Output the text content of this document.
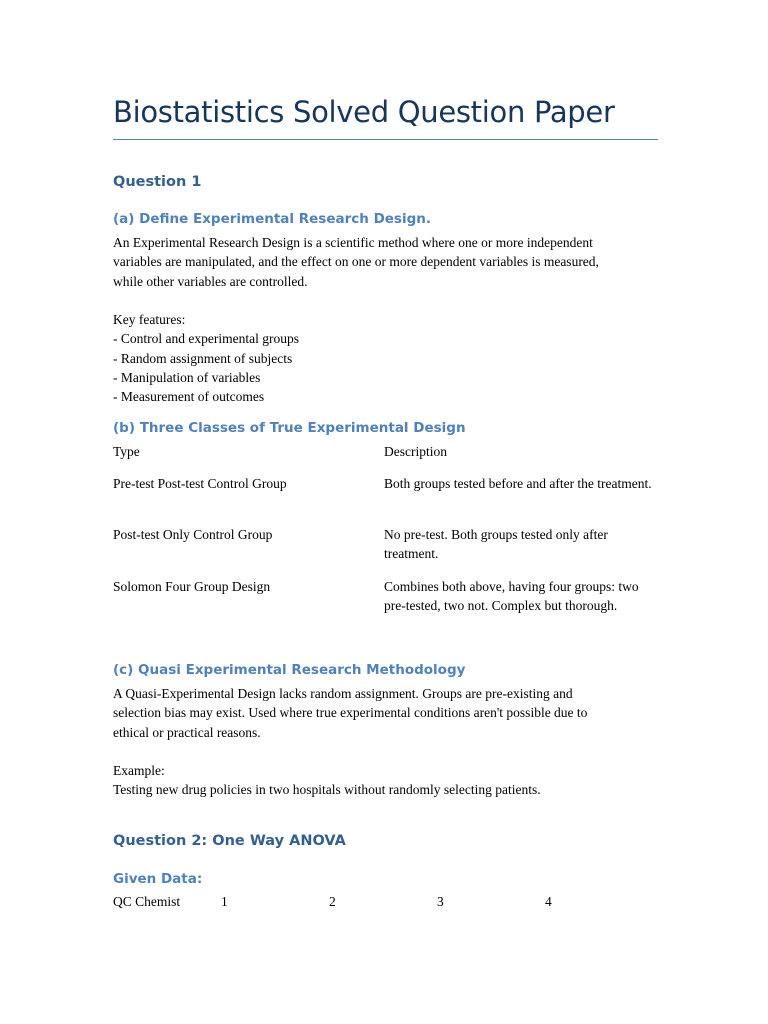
Biostatistics Solved Question Paper
Question 1
(a) Define Experimental Research Design.
An Experimental Research Design is a scientific method where one or more independent
variables are manipulated, and the effect on one or more dependent variables is measured,
while other variables are controlled.
Key features:
- Control and experimental groups
- Random assignment of subjects
- Manipulation of variables
- Measurement of outcomes
(b) Three Classes of True Experimental Design
Type	Description
Pre-test Post-test Control Group	Both groups tested before and after the treatment.
Post-test Only Control Group	No pre-test. Both groups tested only after treatment.
Solomon Four Group Design	Combines both above, having four groups: two pre-tested, two not. Complex but thorough.
(c) Quasi Experimental Research Methodology
A Quasi-Experimental Design lacks random assignment. Groups are pre-existing and
selection bias may exist. Used where true experimental conditions aren't possible due to
ethical or practical reasons.
Example:
Testing new drug policies in two hospitals without randomly selecting patients.
Question 2: One Way ANOVA
Given Data:
QC Chemist	1	2	3	4
